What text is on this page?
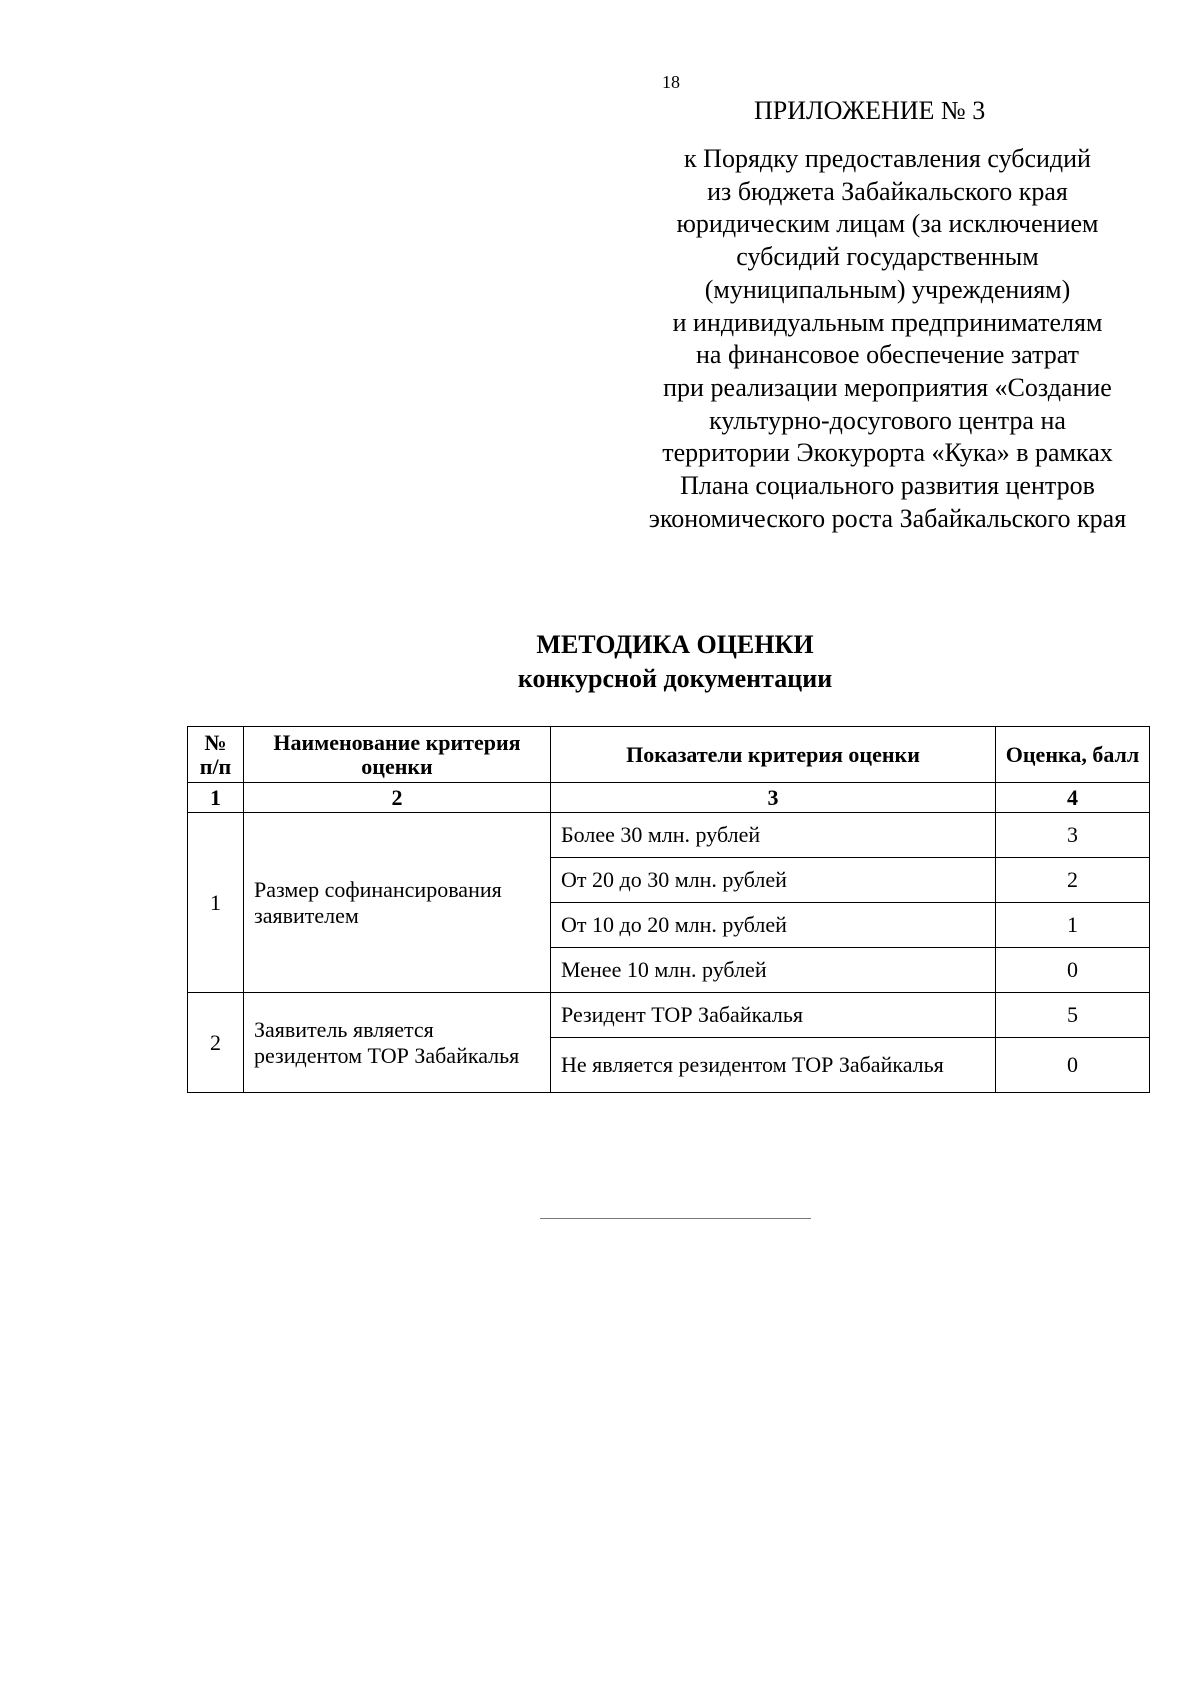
18
ПРИЛОЖЕНИЕ № 3
к Порядку предоставления субсидий
из бюджета Забайкальского края
юридическим лицам (за исключением
субсидий государственным
(муниципальным) учреждениям)
и индивидуальным предпринимателям
на финансовое обеспечение затрат
при реализации мероприятия «Создание
культурно-досугового центра на
территории Экокурорта «Кука» в рамках
Плана социального развития центров
экономического роста Забайкальского края
МЕТОДИКА ОЦЕНКИ
конкурсной документации
№ п/п	Наименование критерия оценки	Показатели критерия оценки	Оценка, балл
1	2	3	4
1	Размер софинансирования заявителем	Более 30 млн. рублей	3
		От 20 до 30 млн. рублей	2
		От 10 до 20 млн. рублей	1
		Менее 10 млн. рублей	0
2	Заявитель является резидентом ТОР Забайкалья	Резидент ТОР Забайкалья	5
		Не является резидентом ТОР Забайкалья	0
